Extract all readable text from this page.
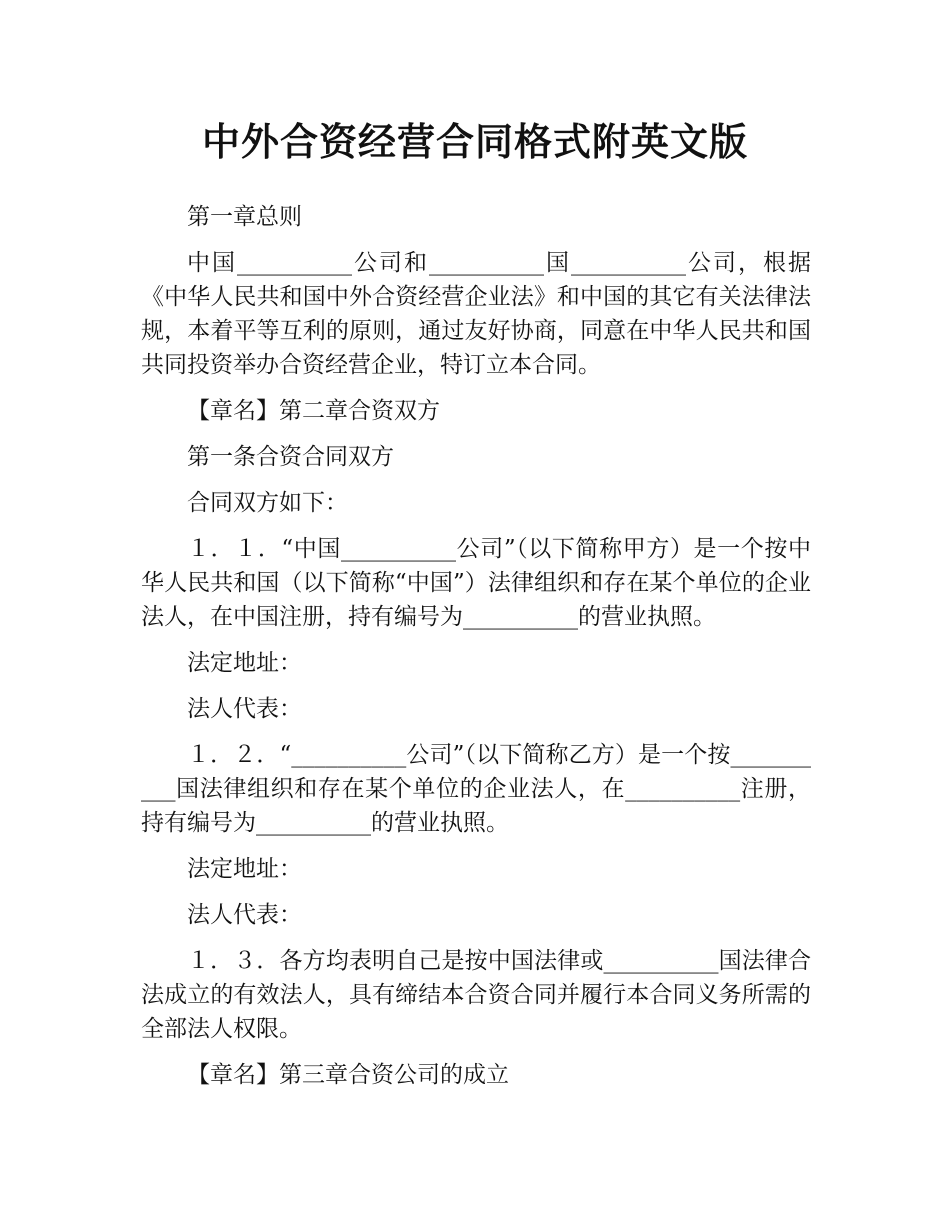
中外合资经营合同格式附英文版

第一章总则

中国__________公司和__________国__________公司，根据《中华人民共和国中外合资经营企业法》和中国的其它有关法律法规，本着平等互利的原则，通过友好协商，同意在中华人民共和国共同投资举办合资经营企业，特订立本合同。

【章名】第二章合资双方

第一条合资合同双方

合同双方如下：

１．１．“中国__________公司”（以下简称甲方）是一个按中华人民共和国（以下简称“中国”）法律组织和存在某个单位的企业法人，在中国注册，持有编号为__________的营业执照。

法定地址：

法人代表：

１．２．“__________公司”（以下简称乙方）是一个按__________国法律组织和存在某个单位的企业法人，在__________注册，持有编号为__________的营业执照。

法定地址：

法人代表：

１．３．各方均表明自己是按中国法律或__________国法律合法成立的有效法人，具有缔结本合资合同并履行本合同义务所需的全部法人权限。

【章名】第三章合资公司的成立
